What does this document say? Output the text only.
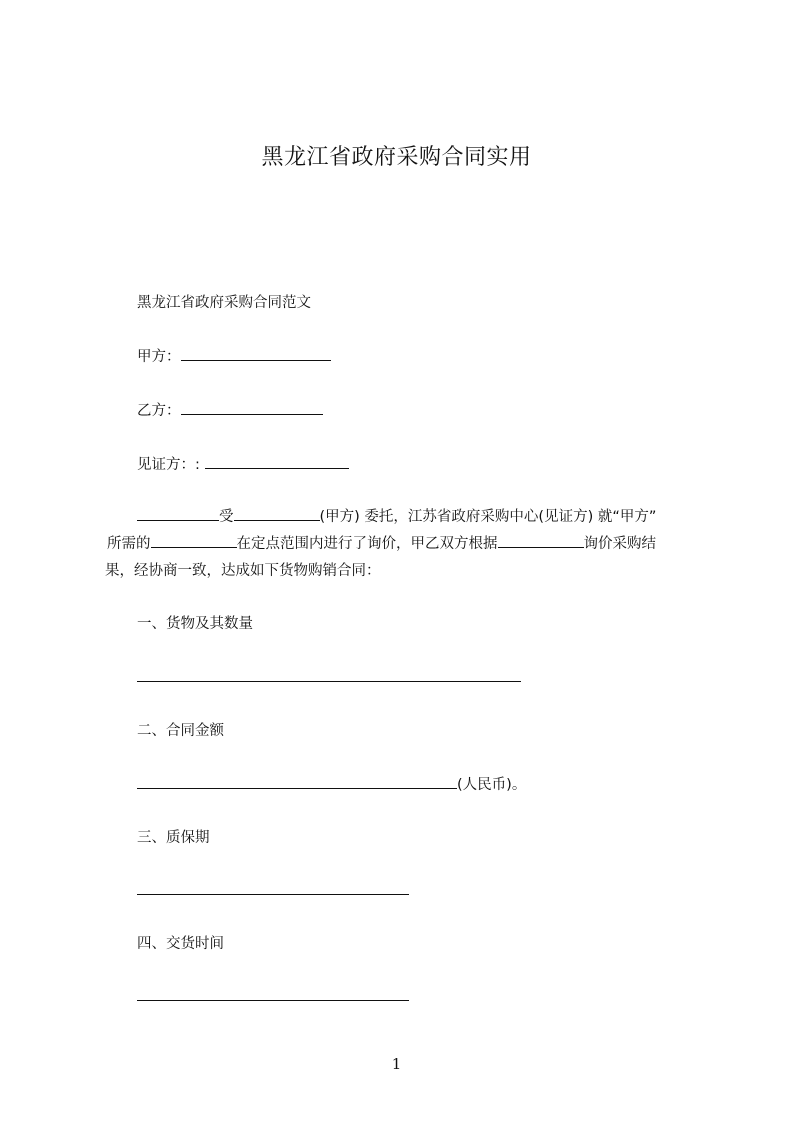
黑龙江省政府采购合同实用
黑龙江省政府采购合同范文
甲方：
乙方：
见证方：:
受	(甲方) 委托，江苏省政府采购中心(见证方) 就“甲方”
所需的	在定点范围内进行了询价，甲乙双方根据	询价采购结
果，经协商一致，达成如下货物购销合同：
一、货物及其数量
二、合同金额
(人民币)。
三、质保期
四、交货时间
1
